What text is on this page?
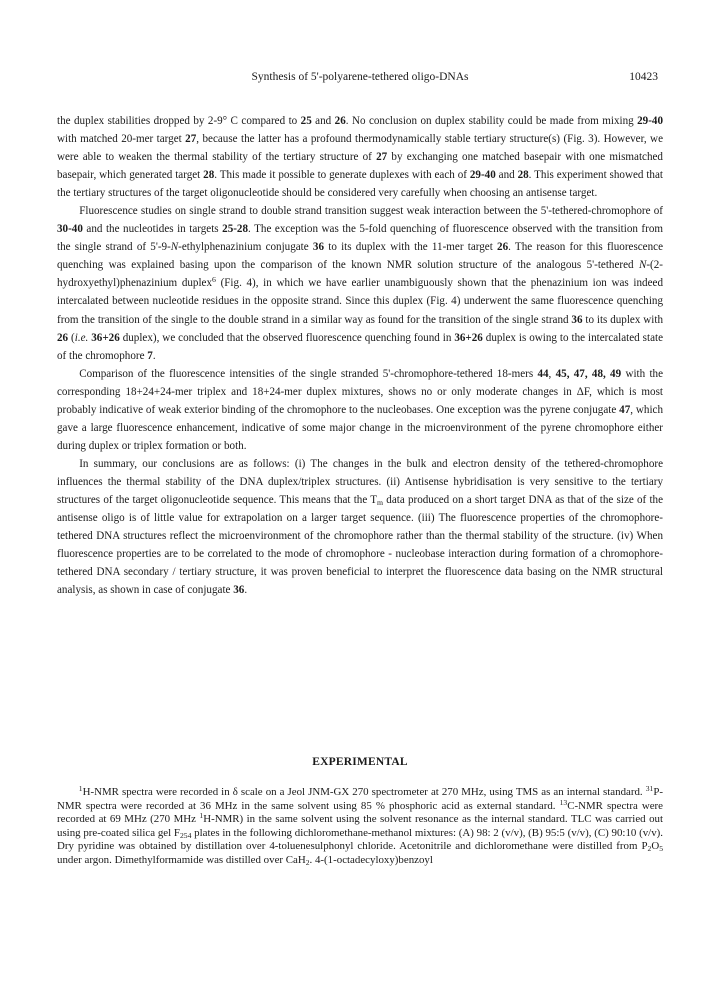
Synthesis of 5'-polyarene-tethered oligo-DNAs	10423

the duplex stabilities dropped by 2-9° C compared to 25 and 26. No conclusion on duplex stability could be made from mixing 29-40 with matched 20-mer target 27, because the latter has a profound thermodynamically stable tertiary structure(s) (Fig. 3). However, we were able to weaken the thermal stability of the tertiary structure of 27 by exchanging one matched basepair with one mismatched basepair, which generated target 28. This made it possible to generate duplexes with each of 29-40 and 28. This experiment showed that the tertiary structures of the target oligonucleotide should be considered very carefully when choosing an antisense target.

Fluorescence studies on single strand to double strand transition suggest weak interaction between the 5'-tethered-chromophore of 30-40 and the nucleotides in targets 25-28. The exception was the 5-fold quenching of fluorescence observed with the transition from the single strand of 5'-9-N-ethylphenazinium conjugate 36 to its duplex with the 11-mer target 26. The reason for this fluorescence quenching was explained basing upon the comparison of the known NMR solution structure of the analogous 5'-tethered N-(2-hydroxyethyl)phenazinium duplex$^6$ (Fig. 4), in which we have earlier unambiguously shown that the phenazinium ion was indeed intercalated between nucleotide residues in the opposite strand. Since this duplex (Fig. 4) underwent the same fluorescence quenching from the transition of the single to the double strand in a similar way as found for the transition of the single strand 36 to its duplex with 26 (i.e. 36+26 duplex), we concluded that the observed fluorescence quenching found in 36+26 duplex is owing to the intercalated state of the chromophore 7.

Comparison of the fluorescence intensities of the single stranded 5'-chromophore-tethered 18-mers 44, 45, 47, 48, 49 with the corresponding 18+24+24-mer triplex and 18+24-mer duplex mixtures, shows no or only moderate changes in ΔF, which is most probably indicative of weak exterior binding of the chromophore to the nucleobases. One exception was the pyrene conjugate 47, which gave a large fluorescence enhancement, indicative of some major change in the microenvironment of the pyrene chromophore either during duplex or triplex formation or both.

In summary, our conclusions are as follows: (i) The changes in the bulk and electron density of the tethered-chromophore influences the thermal stability of the DNA duplex/triplex structures. (ii) Antisense hybridisation is very sensitive to the tertiary structures of the target oligonucleotide sequence. This means that the $T_m$ data produced on a short target DNA as that of the size of the antisense oligo is of little value for extrapolation on a larger target sequence. (iii) The fluorescence properties of the chromophore-tethered DNA structures reflect the microenvironment of the chromophore rather than the thermal stability of the structure. (iv) When fluorescence properties are to be correlated to the mode of chromophore - nucleobase interaction during formation of a chromophore-tethered DNA secondary / tertiary structure, it was proven beneficial to interpret the fluorescence data basing on the NMR structural analysis, as shown in case of conjugate 36.

EXPERIMENTAL

$^1$H-NMR spectra were recorded in δ scale on a Jeol JNM-GX 270 spectrometer at 270 MHz, using TMS as an internal standard. $^{31}$P-NMR spectra were recorded at 36 MHz in the same solvent using 85 % phosphoric acid as external standard. $^{13}$C-NMR spectra were recorded at 69 MHz (270 MHz $^1$H-NMR) in the same solvent using the solvent resonance as the internal standard. TLC was carried out using pre-coated silica gel $F_{254}$ plates in the following dichloromethane-methanol mixtures: (A) 98: 2 (v/v), (B) 95:5 (v/v), (C) 90:10 (v/v). Dry pyridine was obtained by distillation over 4-toluenesulphonyl chloride. Acetonitrile and dichloromethane were distilled from $P_2O_5$ under argon. Dimethylformamide was distilled over CaH$_2$. 4-(1-octadecyloxy)benzoyl
